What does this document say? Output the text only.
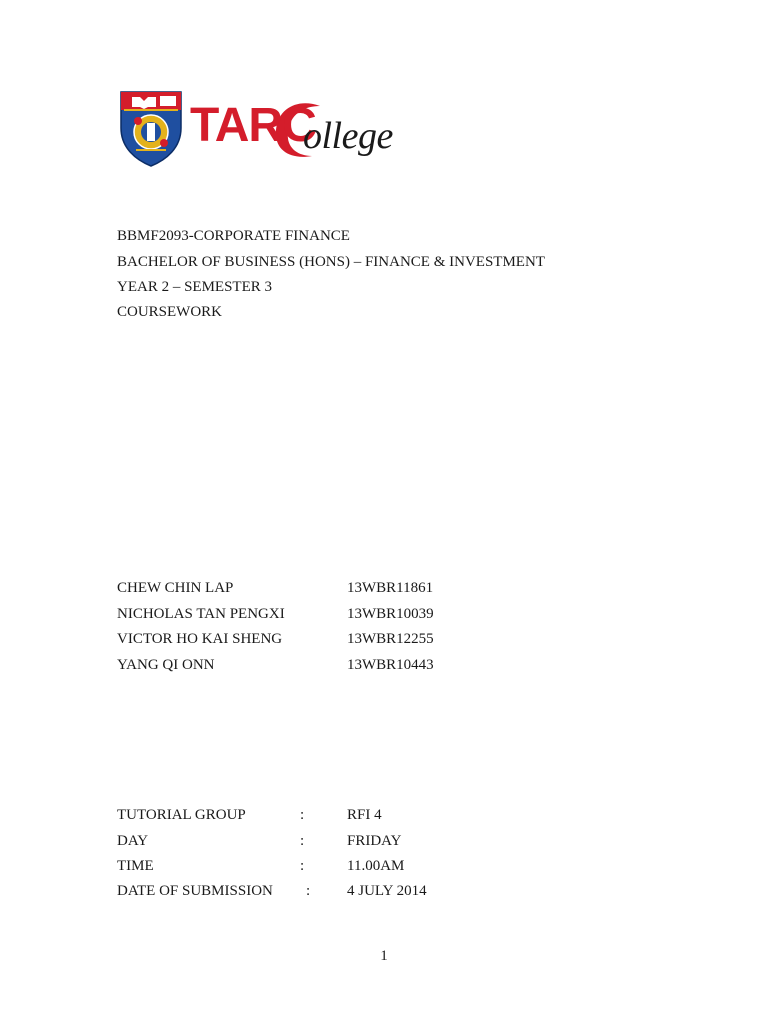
TARC
ollege
BBMF2093-CORPORATE FINANCE
BACHELOR OF BUSINESS (HONS) – FINANCE & INVESTMENT
YEAR 2 – SEMESTER 3
COURSEWORK
CHEW CHIN LAP	13WBR11861
NICHOLAS TAN PENGXI	13WBR10039
VICTOR HO KAI SHENG	13WBR12255
YANG QI ONN	13WBR10443
TUTORIAL GROUP	:	RFI 4
DAY	:	FRIDAY
TIME	:	11.00AM
DATE OF SUBMISSION : 4 JULY 2014
1
